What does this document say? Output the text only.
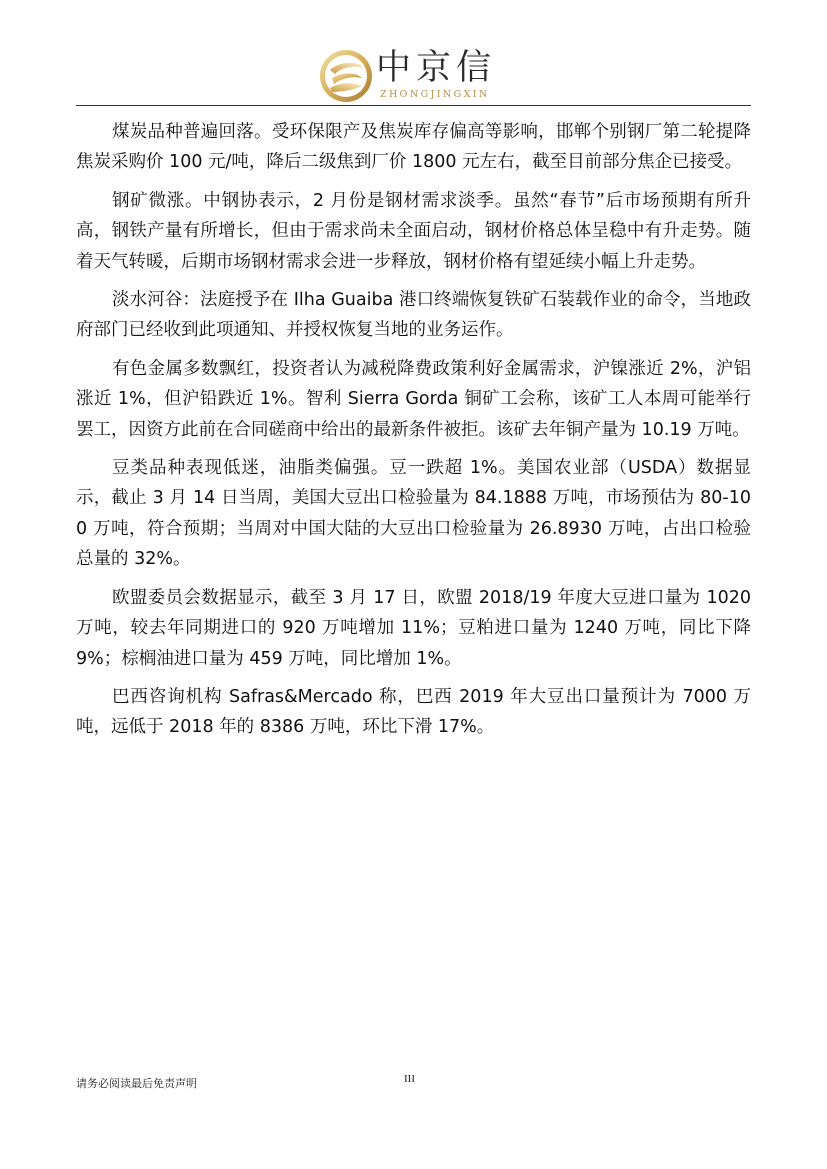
中京信
ZHONGJINGXIN

煤炭品种普遍回落。受环保限产及焦炭库存偏高等影响，邯郸个别钢厂第二轮提降焦炭采购价 100 元/吨，降后二级焦到厂价 1800 元左右，截至目前部分焦企已接受。

钢矿微涨。中钢协表示，2 月份是钢材需求淡季。虽然“春节”后市场预期有所升高，钢铁产量有所增长，但由于需求尚未全面启动，钢材价格总体呈稳中有升走势。随着天气转暖，后期市场钢材需求会进一步释放，钢材价格有望延续小幅上升走势。

淡水河谷：法庭授予在 Ilha Guaiba 港口终端恢复铁矿石装载作业的命令，当地政府部门已经收到此项通知、并授权恢复当地的业务运作。

有色金属多数飘红，投资者认为减税降费政策利好金属需求，沪镍涨近 2%，沪铝涨近 1%，但沪铅跌近 1%。智利 Sierra Gorda 铜矿工会称，该矿工人本周可能举行罢工，因资方此前在合同磋商中给出的最新条件被拒。该矿去年铜产量为 10.19 万吨。

豆类品种表现低迷，油脂类偏强。豆一跌超 1%。美国农业部（USDA）数据显示，截止 3 月 14 日当周，美国大豆出口检验量为 84.1888 万吨，市场预估为 80-100 万吨，符合预期；当周对中国大陆的大豆出口检验量为 26.8930 万吨，占出口检验总量的 32%。

欧盟委员会数据显示，截至 3 月 17 日，欧盟 2018/19 年度大豆进口量为 1020 万吨，较去年同期进口的 920 万吨增加 11%；豆粕进口量为 1240 万吨，同比下降 9%；棕榈油进口量为 459 万吨，同比增加 1%。

巴西咨询机构 Safras&Mercado 称，巴西 2019 年大豆出口量预计为 7000 万吨，远低于 2018 年的 8386 万吨，环比下滑 17%。

请务必阅读最后免责声明	III
